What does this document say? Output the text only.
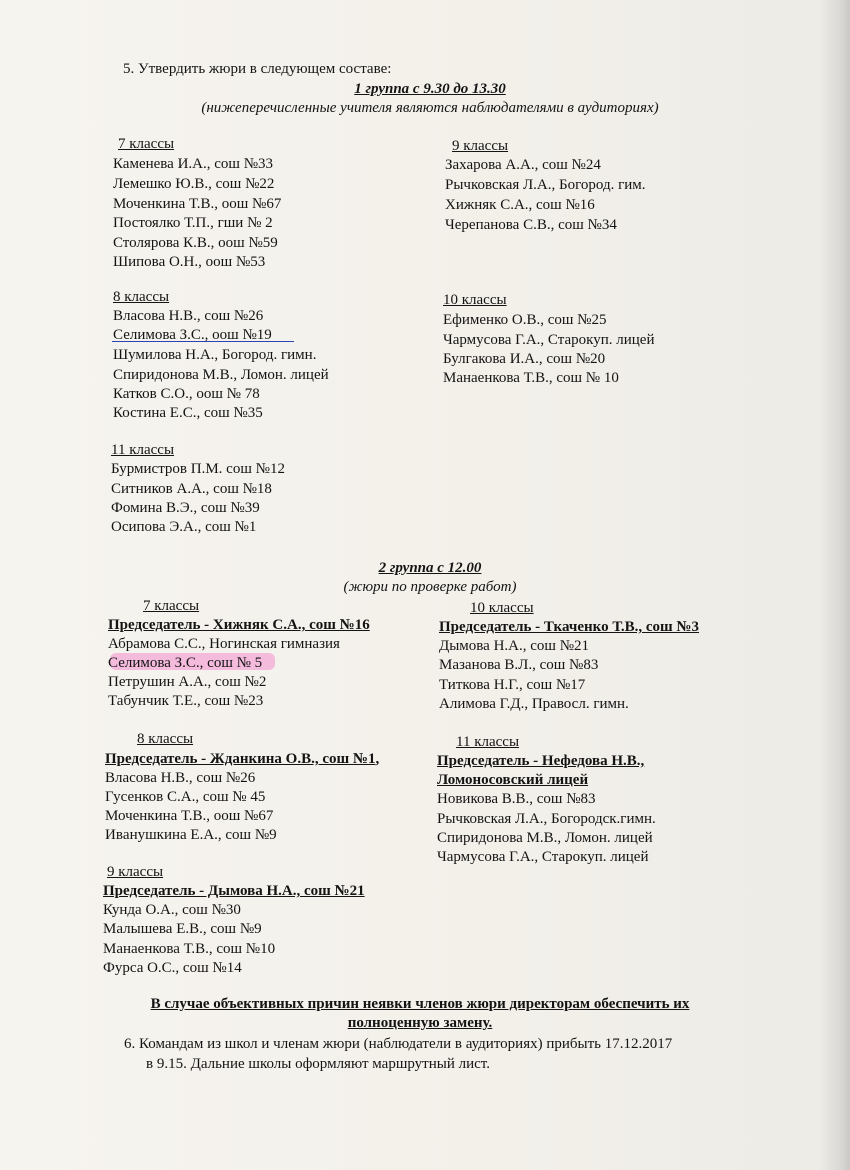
5. Утвердить жюри в следующем составе:
1 группа с 9.30 до 13.30
(нижеперечисленные учителя являются наблюдателями в аудиториях)
7 классы
Каменева И.А., сош №33
Лемешко Ю.В., сош №22
Моченкина Т.В., оош №67
Постоялко Т.П., гши № 2
Столярова К.В., оош №59
Шипова О.Н., оош №53
9 классы
Захарова А.А., сош №24
Рычковская Л.А., Богород. гим.
Хижняк С.А., сош №16
Черепанова С.В., сош №34
8 классы
Власова Н.В., сош №26
Селимова З.С., оош №19
Шумилова Н.А., Богород. гимн.
Спиридонова М.В., Ломон. лицей
Катков С.О., оош № 78
Костина Е.С., сош №35
10 классы
Ефименко О.В., сош №25
Чармусова Г.А., Старокуп. лицей
Булгакова И.А., сош №20
Манаенкова Т.В., сош № 10
11 классы
Бурмистров П.М. сош №12
Ситников А.А., сош №18
Фомина В.Э., сош №39
Осипова Э.А., сош №1
2 группа с 12.00
(жюри по проверке работ)
7 классы
Председатель - Хижняк С.А., сош №16
Абрамова С.С., Ногинская гимназия
Селимова З.С., сош № 5
Петрушин А.А., сош №2
Табунчик Т.Е., сош №23
10 классы
Председатель - Ткаченко Т.В., сош №3
Дымова Н.А., сош №21
Мазанова В.Л., сош №83
Титкова Н.Г., сош №17
Алимова Г.Д., Правосл. гимн.
8 классы
Председатель - Жданкина О.В., сош №1,
Власова Н.В., сош №26
Гусенков С.А., сош № 45
Моченкина Т.В., оош №67
Ивaнушкина Е.А., сош №9
11 классы
Председатель - Нефедова Н.В.,
Ломоносовский лицей
Новикова В.В., сош №83
Рычковская Л.А., Богородск.гимн.
Спиридонова М.В., Ломон. лицей
Чармусова Г.А., Старокуп. лицей
9 классы
Председатель - Дымова Н.А., сош №21
Кунда О.А., сош №30
Малышева Е.В., сош №9
Манаенкова Т.В., сош №10
Фурса О.С., сош №14
В случае объективных причин неявки членов жюри директорам обеспечить их
полноценную замену.
6. Командам из школ и членам жюри (наблюдатели в аудиториях) прибыть 17.12.2017
в 9.15. Дальние школы оформляют маршрутный лист.
